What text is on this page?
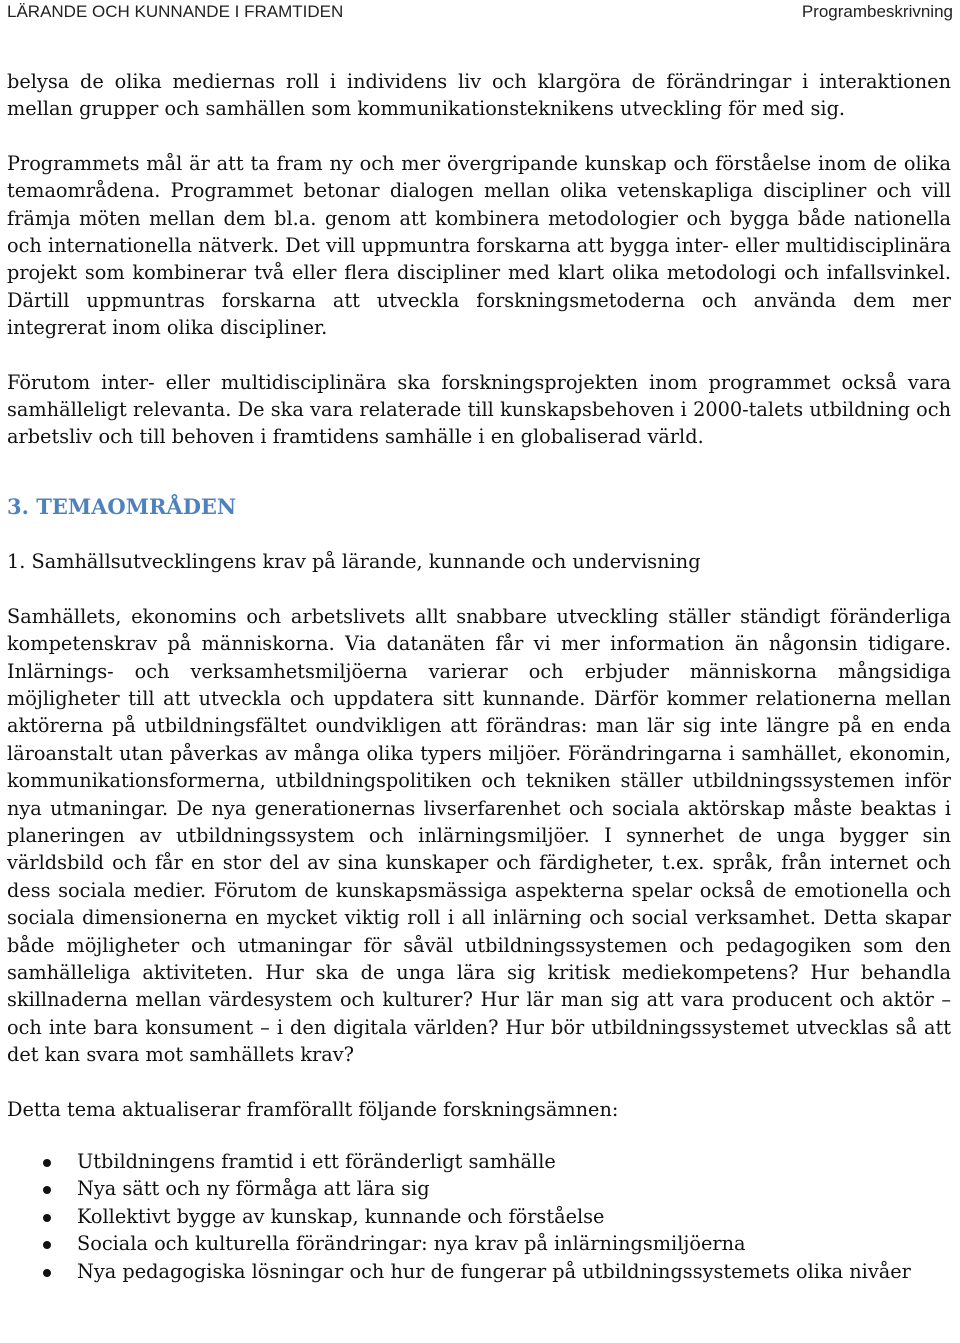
LÄRANDE OCH KUNNANDE I FRAMTIDEN	Programbeskrivning

belysa de olika mediernas roll i individens liv och klargöra de förändringar i interaktionen mellan grupper och samhällen som kommunikationsteknikens utveckling för med sig.

Programmets mål är att ta fram ny och mer övergripande kunskap och förståelse inom de olika temaområdena. Programmet betonar dialogen mellan olika vetenskapliga discipliner och vill främja möten mellan dem bl.a. genom att kombinera metodologier och bygga både nationella och internationella nätverk. Det vill uppmuntra forskarna att bygga inter- eller multidisciplinära projekt som kombinerar två eller flera discipliner med klart olika metodologi och infallsvinkel. Därtill uppmuntras forskarna att utveckla forskningsmetoderna och använda dem mer integrerat inom olika discipliner.

Förutom inter- eller multidisciplinära ska forskningsprojekten inom programmet också vara samhälleligt relevanta. De ska vara relaterade till kunskapsbehoven i 2000-talets utbildning och arbetsliv och till behoven i framtidens samhälle i en globaliserad värld.

3. TEMAOMRÅDEN

1. Samhällsutvecklingens krav på lärande, kunnande och undervisning

Samhällets, ekonomins och arbetslivets allt snabbare utveckling ställer ständigt föränderliga kompetenskrav på människorna. Via datanäten får vi mer information än någonsin tidigare. Inlärnings- och verksamhetsmiljöerna varierar och erbjuder människorna mångsidiga möjligheter till att utveckla och uppdatera sitt kunnande. Därför kommer relationerna mellan aktörerna på utbildningsfältet oundvikligen att förändras: man lär sig inte längre på en enda läroanstalt utan påverkas av många olika typers miljöer. Förändringarna i samhället, ekonomin, kommunikationsformerna, utbildningspolitiken och tekniken ställer utbildningssystemen inför nya utmaningar. De nya generationernas livserfarenhet och sociala aktörskap måste beaktas i planeringen av utbildningssystem och inlärningsmiljöer. I synnerhet de unga bygger sin världsbild och får en stor del av sina kunskaper och färdigheter, t.ex. språk, från internet och dess sociala medier. Förutom de kunskapsmässiga aspekterna spelar också de emotionella och sociala dimensionerna en mycket viktig roll i all inlärning och social verksamhet. Detta skapar både möjligheter och utmaningar för såväl utbildningssystemen och pedagogiken som den samhälleliga aktiviteten. Hur ska de unga lära sig kritisk mediekompetens? Hur behandla skillnaderna mellan värdesystem och kulturer? Hur lär man sig att vara producent och aktör – och inte bara konsument – i den digitala världen? Hur bör utbildningssystemet utvecklas så att det kan svara mot samhällets krav?

Detta tema aktualiserar framförallt följande forskningsämnen:

Utbildningens framtid i ett föränderligt samhälle
Nya sätt och ny förmåga att lära sig
Kollektivt bygge av kunskap, kunnande och förståelse
Sociala och kulturella förändringar: nya krav på inlärningsmiljöerna
Nya pedagogiska lösningar och hur de fungerar på utbildningssystemets olika nivåer
